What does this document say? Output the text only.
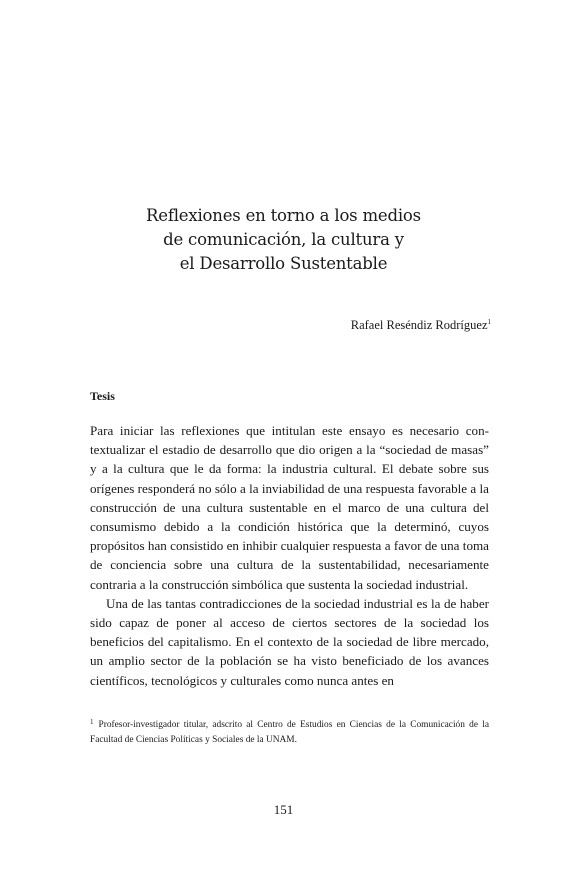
Reflexiones en torno a los medios
de comunicación, la cultura y
el Desarrollo Sustentable
Rafael Reséndiz Rodríguez$^1$
Tesis

Para iniciar las reflexiones que intitulan este ensayo es necesario contextualizar el estadio de desarrollo que dio origen a la “sociedad de masas” y a la cultura que le da forma: la industria cultural. El debate sobre sus orígenes responderá no sólo a la inviabilidad de una respuesta favorable a la construcción de una cultura sustentable en el marco de una cultura del consumismo debido a la condición histórica que la determinó, cuyos propósitos han consistido en inhibir cualquier respuesta a favor de una toma de conciencia sobre una cultura de la sustentabilidad, necesariamente contraria a la construcción simbólica que sustenta la sociedad industrial.

Una de las tantas contradicciones de la sociedad industrial es la de haber sido capaz de poner al acceso de ciertos sectores de la sociedad los beneficios del capitalismo. En el contexto de la sociedad de libre mercado, un amplio sector de la población se ha visto beneficiado de los avances científicos, tecnológicos y culturales como nunca antes en

$^1$ Profesor-investigador titular, adscrito al Centro de Estudios en Ciencias de la Comunicación de la Facultad de Ciencias Políticas y Sociales de la UNAM.
151
